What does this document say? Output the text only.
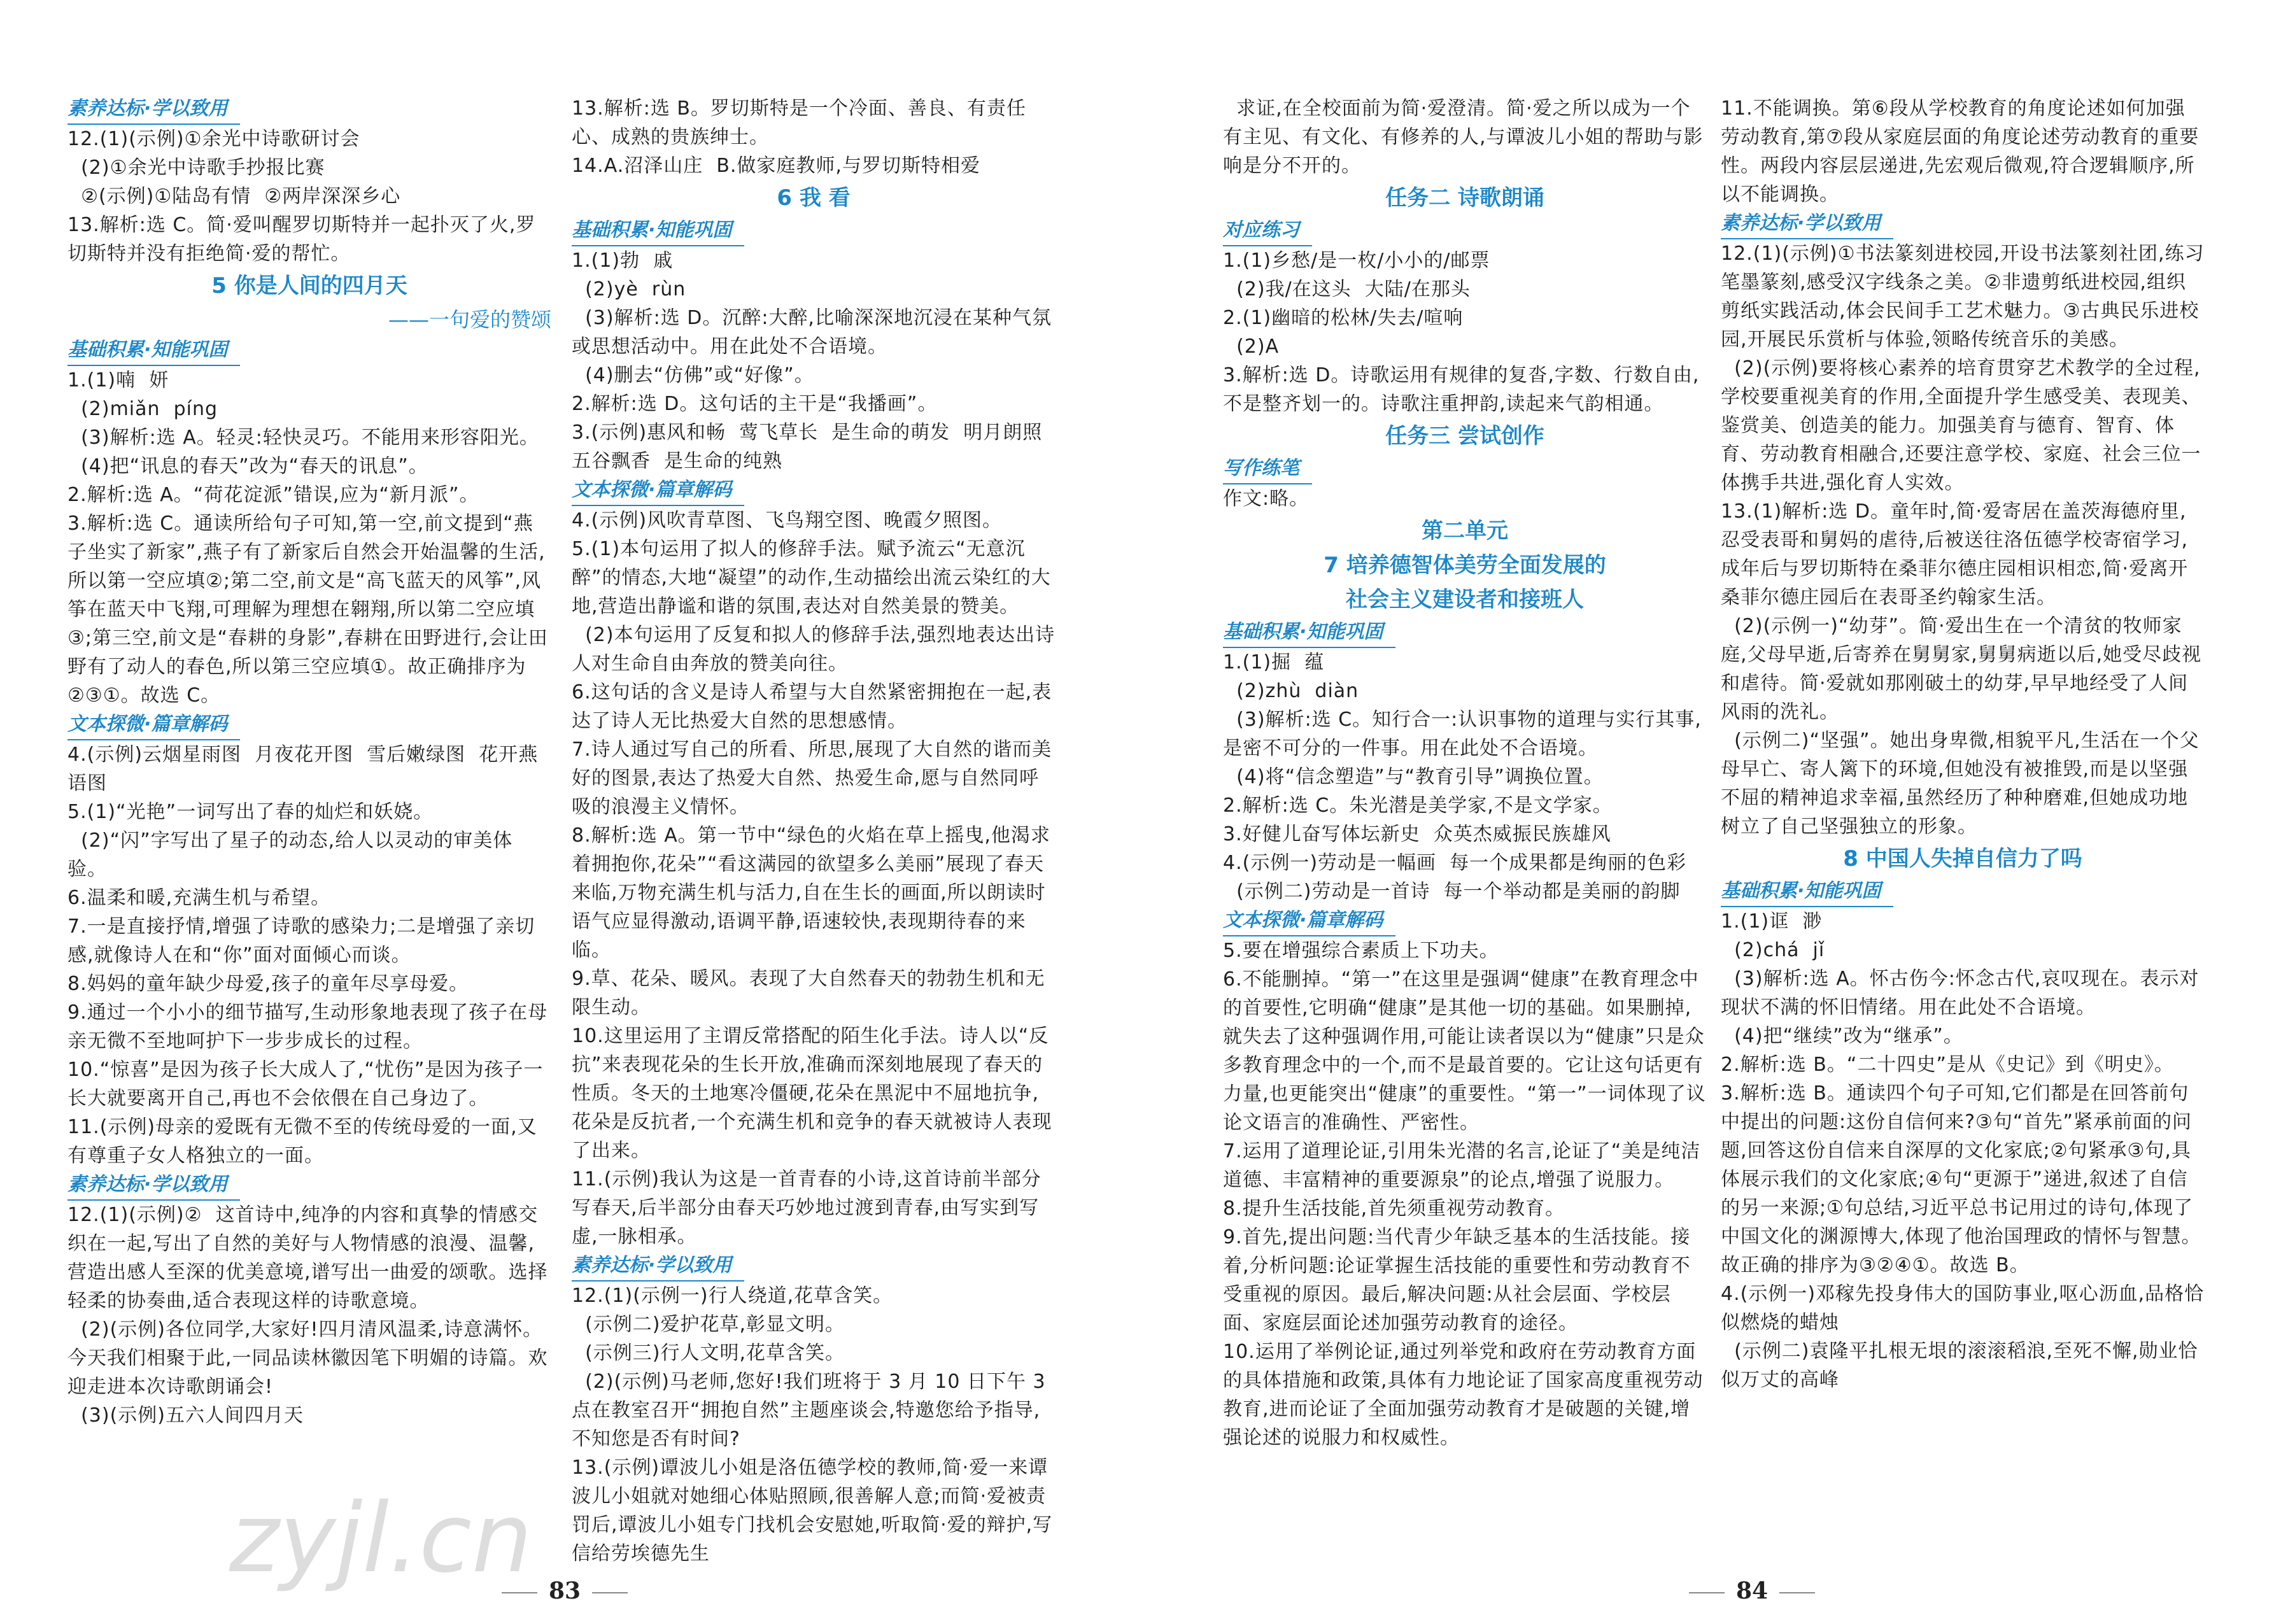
素养达标·学以致用

12.(1)(示例)①余光中诗歌研讨会

(2)①余光中诗歌手抄报比赛

②(示例)①陆岛有情  ②两岸深深乡心

13.解析:选 C。简·爱叫醒罗切斯特并一起扑灭了火,罗切斯特并没有拒绝简·爱的帮忙。

5 你是人间的四月天

——一句爱的赞颂

基础积累·知能巩固

1.(1)喃  妍

(2)miǎn  píng

(3)解析:选 A。轻灵:轻快灵巧。不能用来形容阳光。

(4)把“讯息的春天”改为“春天的讯息”。

2.解析:选 A。“荷花淀派”错误,应为“新月派”。

3.解析:选 C。通读所给句子可知,第一空,前文提到“燕子坐实了新家”,燕子有了新家后自然会开始温馨的生活,所以第一空应填②;第二空,前文是“高飞蓝天的风筝”,风筝在蓝天中飞翔,可理解为理想在翱翔,所以第二空应填③;第三空,前文是“春耕的身影”,春耕在田野进行,会让田野有了动人的春色,所以第三空应填①。故正确排序为②③①。故选 C。

文本探微·篇章解码

4.(示例)云烟星雨图  月夜花开图  雪后嫩绿图  花开燕语图

5.(1)“光艳”一词写出了春的灿烂和妖娆。

(2)“闪”字写出了星子的动态,给人以灵动的审美体验。

6.温柔和暖,充满生机与希望。

7.一是直接抒情,增强了诗歌的感染力;二是增强了亲切感,就像诗人在和“你”面对面倾心而谈。

8.妈妈的童年缺少母爱,孩子的童年尽享母爱。

9.通过一个小小的细节描写,生动形象地表现了孩子在母亲无微不至地呵护下一步步成长的过程。

10.“惊喜”是因为孩子长大成人了,“忧伤”是因为孩子一长大就要离开自己,再也不会依偎在自己身边了。

11.(示例)母亲的爱既有无微不至的传统母爱的一面,又有尊重子女人格独立的一面。

素养达标·学以致用

12.(1)(示例)②  这首诗中,纯净的内容和真挚的情感交织在一起,写出了自然的美好与人物情感的浪漫、温馨,营造出感人至深的优美意境,谱写出一曲爱的颂歌。选择轻柔的协奏曲,适合表现这样的诗歌意境。

(2)(示例)各位同学,大家好!四月清风温柔,诗意满怀。今天我们相聚于此,一同品读林徽因笔下明媚的诗篇。欢迎走进本次诗歌朗诵会!

(3)(示例)五六人间四月天

13.解析:选 B。罗切斯特是一个冷面、善良、有责任心、成熟的贵族绅士。

14.A.沼泽山庄  B.做家庭教师,与罗切斯特相爱

6 我 看

基础积累·知能巩固

1.(1)勃  戚

(2)yè  rùn

(3)解析:选 D。沉醉:大醉,比喻深深地沉浸在某种气氛或思想活动中。用在此处不合语境。

(4)删去“仿佛”或“好像”。

2.解析:选 D。这句话的主干是“我播画”。

3.(示例)惠风和畅  莺飞草长  是生命的萌发  明月朗照  五谷飘香  是生命的纯熟

文本探微·篇章解码

4.(示例)风吹青草图、飞鸟翔空图、晚霞夕照图。

5.(1)本句运用了拟人的修辞手法。赋予流云“无意沉醉”的情态,大地“凝望”的动作,生动描绘出流云染红的大地,营造出静谧和谐的氛围,表达对自然美景的赞美。

(2)本句运用了反复和拟人的修辞手法,强烈地表达出诗人对生命自由奔放的赞美向往。

6.这句话的含义是诗人希望与大自然紧密拥抱在一起,表达了诗人无比热爱大自然的思想感情。

7.诗人通过写自己的所看、所思,展现了大自然的谐而美好的图景,表达了热爱大自然、热爱生命,愿与自然同呼吸的浪漫主义情怀。

8.解析:选 A。第一节中“绿色的火焰在草上摇曳,他渴求着拥抱你,花朵”“看这满园的欲望多么美丽”展现了春天来临,万物充满生机与活力,自在生长的画面,所以朗读时语气应显得激动,语调平静,语速较快,表现期待春的来临。

9.草、花朵、暖风。表现了大自然春天的勃勃生机和无限生动。

10.这里运用了主谓反常搭配的陌生化手法。诗人以“反抗”来表现花朵的生长开放,准确而深刻地展现了春天的性质。冬天的土地寒冷僵硬,花朵在黑泥中不屈地抗争,花朵是反抗者,一个充满生机和竞争的春天就被诗人表现了出来。

11.(示例)我认为这是一首青春的小诗,这首诗前半部分写春天,后半部分由春天巧妙地过渡到青春,由写实到写虚,一脉相承。

素养达标·学以致用

12.(1)(示例一)行人绕道,花草含笑。

(示例二)爱护花草,彰显文明。

(示例三)行人文明,花草含笑。

(2)(示例)马老师,您好!我们班将于 3 月 10 日下午 3 点在教室召开“拥抱自然”主题座谈会,特邀您给予指导,不知您是否有时间?

13.(示例)谭波儿小姐是洛伍德学校的教师,简·爱一来谭波儿小姐就对她细心体贴照顾,很善解人意;而简·爱被责罚后,谭波儿小姐专门找机会安慰她,听取简·爱的辩护,写信给劳埃德先生

83
zyjl.cn

求证,在全校面前为简·爱澄清。简·爱之所以成为一个有主见、有文化、有修养的人,与谭波儿小姐的帮助与影响是分不开的。

任务二 诗歌朗诵

对应练习

1.(1)乡愁/是一枚/小小的/邮票

(2)我/在这头  大陆/在那头

2.(1)幽暗的松林/失去/喧响

(2)A

3.解析:选 D。诗歌运用有规律的复沓,字数、行数自由,不是整齐划一的。诗歌注重押韵,读起来气韵相通。

任务三 尝试创作

写作练笔

作文:略。

第二单元

7 培养德智体美劳全面发展的

社会主义建设者和接班人

基础积累·知能巩固

1.(1)掘  蕴

(2)zhù  diàn

(3)解析:选 C。知行合一:认识事物的道理与实行其事,是密不可分的一件事。用在此处不合语境。

(4)将“信念塑造”与“教育引导”调换位置。

2.解析:选 C。朱光潜是美学家,不是文学家。

3.好健儿奋写体坛新史  众英杰威振民族雄风

4.(示例一)劳动是一幅画  每一个成果都是绚丽的色彩

(示例二)劳动是一首诗  每一个举动都是美丽的韵脚

文本探微·篇章解码

5.要在增强综合素质上下功夫。

6.不能删掉。“第一”在这里是强调“健康”在教育理念中的首要性,它明确“健康”是其他一切的基础。如果删掉,就失去了这种强调作用,可能让读者误以为“健康”只是众多教育理念中的一个,而不是最首要的。它让这句话更有力量,也更能突出“健康”的重要性。“第一”一词体现了议论文语言的准确性、严密性。

7.运用了道理论证,引用朱光潜的名言,论证了“美是纯洁道德、丰富精神的重要源泉”的论点,增强了说服力。

8.提升生活技能,首先须重视劳动教育。

9.首先,提出问题:当代青少年缺乏基本的生活技能。接着,分析问题:论证掌握生活技能的重要性和劳动教育不受重视的原因。最后,解决问题:从社会层面、学校层面、家庭层面论述加强劳动教育的途径。

10.运用了举例论证,通过列举党和政府在劳动教育方面的具体措施和政策,具体有力地论证了国家高度重视劳动教育,进而论证了全面加强劳动教育才是破题的关键,增强论述的说服力和权威性。

11.不能调换。第⑥段从学校教育的角度论述如何加强劳动教育,第⑦段从家庭层面的角度论述劳动教育的重要性。两段内容层层递进,先宏观后微观,符合逻辑顺序,所以不能调换。

素养达标·学以致用

12.(1)(示例)①书法篆刻进校园,开设书法篆刻社团,练习笔墨篆刻,感受汉字线条之美。②非遗剪纸进校园,组织剪纸实践活动,体会民间手工艺术魅力。③古典民乐进校园,开展民乐赏析与体验,领略传统音乐的美感。

(2)(示例)要将核心素养的培育贯穿艺术教学的全过程,学校要重视美育的作用,全面提升学生感受美、表现美、鉴赏美、创造美的能力。加强美育与德育、智育、体育、劳动教育相融合,还要注意学校、家庭、社会三位一体携手共进,强化育人实效。

13.(1)解析:选 D。童年时,简·爱寄居在盖茨海德府里,忍受表哥和舅妈的虐待,后被送往洛伍德学校寄宿学习,成年后与罗切斯特在桑菲尔德庄园相识相恋,简·爱离开桑菲尔德庄园后在表哥圣约翰家生活。

(2)(示例一)“幼芽”。简·爱出生在一个清贫的牧师家庭,父母早逝,后寄养在舅舅家,舅舅病逝以后,她受尽歧视和虐待。简·爱就如那刚破土的幼芽,早早地经受了人间风雨的洗礼。

(示例二)“坚强”。她出身卑微,相貌平凡,生活在一个父母早亡、寄人篱下的环境,但她没有被推毁,而是以坚强不屈的精神追求幸福,虽然经历了种种磨难,但她成功地树立了自己坚强独立的形象。

8 中国人失掉自信力了吗

基础积累·知能巩固

1.(1)诓  渺

(2)chá  jǐ

(3)解析:选 A。怀古伤今:怀念古代,哀叹现在。表示对现状不满的怀旧情绪。用在此处不合语境。

(4)把“继续”改为“继承”。

2.解析:选 B。“二十四史”是从《史记》到《明史》。

3.解析:选 B。通读四个句子可知,它们都是在回答前句中提出的问题:这份自信何来?③句“首先”紧承前面的问题,回答这份自信来自深厚的文化家底;②句紧承③句,具体展示我们的文化家底;④句“更源于”递进,叙述了自信的另一来源;①句总结,习近平总书记用过的诗句,体现了中国文化的渊源博大,体现了他治国理政的情怀与智慧。故正确的排序为③②④①。故选 B。

4.(示例一)邓稼先投身伟大的国防事业,呕心沥血,品格恰似燃烧的蜡烛

(示例二)袁隆平扎根无垠的滚滚稻浪,至死不懈,勋业恰似万丈的高峰

84
